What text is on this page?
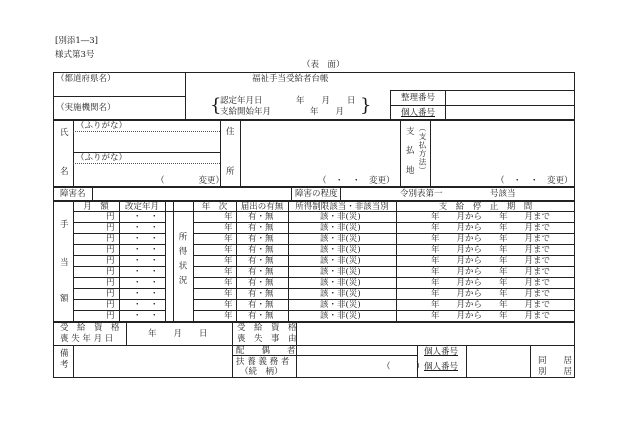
[別添1―3]
様式第3号
（表　面）
（都道府県名）
（実施機関名）
福祉手当受給者台帳
{
認定年月日	年　　月　　日
支給開始年月	年　　月 }	整理番号
個人番号
氏
名
（ふりがな）
（ふりがな）
（　　　　変更）
住
所
（　・　・　変更）
支
払
地 （支払方法）
（　・　・　変更）
障害名	障害の程度	令別表第一	号該当
手
当
額
所得状況
月　額	改定年月	年　次	届出の有無	所得制限該当・非該当別	支　給　停　止　期　間
円 ・　・	年 有・無	該・非(災)	年　　月から　　年　　月まで
円 ・　・	年 有・無	該・非(災)	年　　月から　　年　　月まで
円 ・　・	年 有・無	該・非(災)	年　　月から　　年　　月まで
円 ・　・	年 有・無	該・非(災)	年　　月から　　年　　月まで
円 ・　・	年 有・無	該・非(災)	年　　月から　　年　　月まで
円 ・　・	年 有・無	該・非(災)	年　　月から　　年　　月まで
円 ・　・	年 有・無	該・非(災)	年　　月から　　年　　月まで
円 ・　・	年 有・無	該・非(災)	年　　月から　　年　　月まで
円 ・　・	年 有・無	該・非(災)	年　　月から　　年　　月まで
円 ・　・	年 有・無	該・非(災)	年　　月から　　年　　月まで
受　給　資　格
喪 失 年 月 日	年　　月　　日
受　給　資　格
喪　失　事　由
備
考
配　　偶　　者
扶 養 義 務 者
（続　柄）	（　　　）
個人番号
個人番号
同　　居
別　　居
